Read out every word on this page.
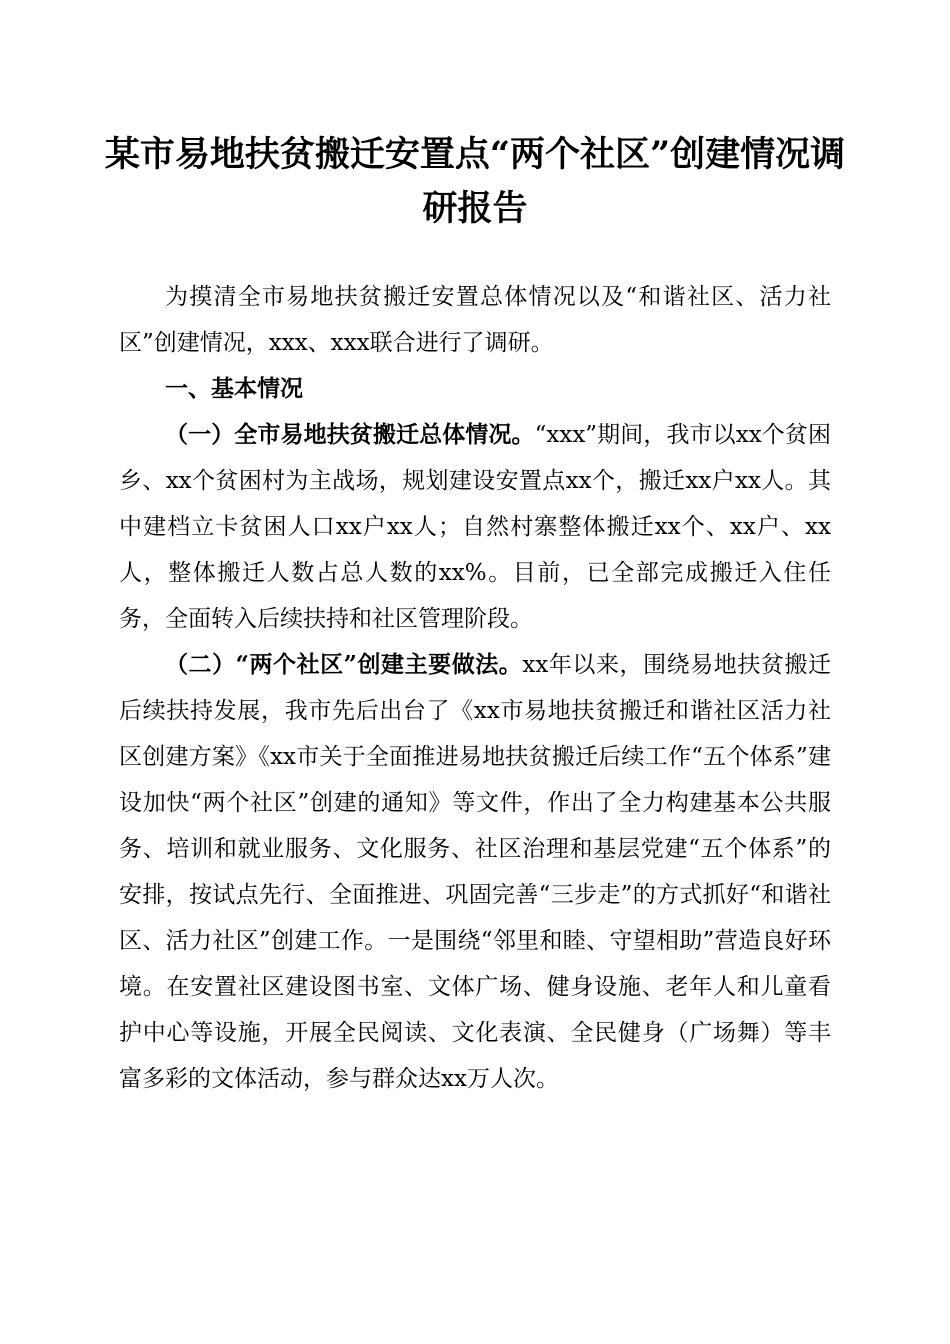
某市易地扶贫搬迁安置点“两个社区”创建情况调研报告

为摸清全市易地扶贫搬迁安置总体情况以及“和谐社区、活力社区”创建情况，xxx、xxx联合进行了调研。

一、基本情况

（一）全市易地扶贫搬迁总体情况。“xxx”期间，我市以xx个贫困乡、xx个贫困村为主战场，规划建设安置点xx个，搬迁xx户xx人。其中建档立卡贫困人口xx户xx人；自然村寨整体搬迁xx个、xx户、xx人，整体搬迁人数占总人数的xx%。目前，已全部完成搬迁入住任务，全面转入后续扶持和社区管理阶段。

（二）“两个社区”创建主要做法。xx年以来，围绕易地扶贫搬迁后续扶持发展，我市先后出台了《xx市易地扶贫搬迁和谐社区活力社区创建方案》《xx市关于全面推进易地扶贫搬迁后续工作“五个体系”建设加快“两个社区”创建的通知》等文件，作出了全力构建基本公共服务、培训和就业服务、文化服务、社区治理和基层党建“五个体系”的安排，按试点先行、全面推进、巩固完善“三步走”的方式抓好“和谐社区、活力社区”创建工作。一是围绕“邻里和睦、守望相助”营造良好环境。在安置社区建设图书室、文体广场、健身设施、老年人和儿童看护中心等设施，开展全民阅读、文化表演、全民健身（广场舞）等丰富多彩的文体活动，参与群众达xx万人次。
